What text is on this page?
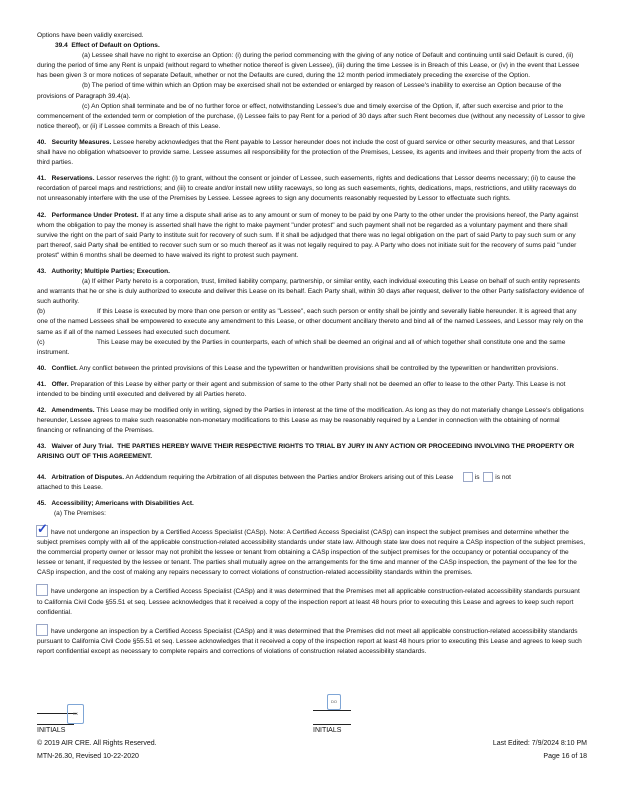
Options have been validly exercised.

39.4 Effect of Default on Options.

(a) Lessee shall have no right to exercise an Option: (i) during the period commencing with the giving of any notice of Default and continuing until said Default is cured, (ii) during the period of time any Rent is unpaid (without regard to whether notice thereof is given Lessee), (iii) during the time Lessee is in Breach of this Lease, or (iv) in the event that Lessee has been given 3 or more notices of separate Default, whether or not the Defaults are cured, during the 12 month period immediately preceding the exercise of the Option.

(b) The period of time within which an Option may be exercised shall not be extended or enlarged by reason of Lessee's inability to exercise an Option because of the provisions of Paragraph 39.4(a).

(c) An Option shall terminate and be of no further force or effect, notwithstanding Lessee's due and timely exercise of the Option, if, after such exercise and prior to the commencement of the extended term or completion of the purchase, (i) Lessee fails to pay Rent for a period of 30 days after such Rent becomes due (without any necessity of Lessor to give notice thereof), or (ii) if Lessee commits a Breach of this Lease.

40. Security Measures. Lessee hereby acknowledges that the Rent payable to Lessor hereunder does not include the cost of guard service or other security measures, and that Lessor shall have no obligation whatsoever to provide same. Lessee assumes all responsibility for the protection of the Premises, Lessee, its agents and invitees and their property from the acts of third parties.

41. Reservations. Lessor reserves the right: (i) to grant, without the consent or joinder of Lessee, such easements, rights and dedications that Lessor deems necessary; (ii) to cause the recordation of parcel maps and restrictions; and (iii) to create and/or install new utility raceways, so long as such easements, rights, dedications, maps, restrictions, and utility raceways do not unreasonably interfere with the use of the Premises by Lessee. Lessee agrees to sign any documents reasonably requested by Lessor to effectuate such rights.

42. Performance Under Protest. If at any time a dispute shall arise as to any amount or sum of money to be paid by one Party to the other under the provisions hereof, the Party against whom the obligation to pay the money is asserted shall have the right to make payment "under protest" and such payment shall not be regarded as a voluntary payment and there shall survive the right on the part of said Party to institute suit for recovery of such sum. If it shall be adjudged that there was no legal obligation on the part of said Party to pay such sum or any part thereof, said Party shall be entitled to recover such sum or so much thereof as it was not legally required to pay. A Party who does not initiate suit for the recovery of sums paid "under protest" within 6 months shall be deemed to have waived its right to protest such payment.

43. Authority; Multiple Parties; Execution.

(a) If either Party hereto is a corporation, trust, limited liability company, partnership, or similar entity, each individual executing this Lease on behalf of such entity represents and warrants that he or she is duly authorized to execute and deliver this Lease on its behalf. Each Party shall, within 30 days after request, deliver to the other Party satisfactory evidence of such authority.

(b)	If this Lease is executed by more than one person or entity as "Lessee", each such person or entity shall be jointly and severally liable hereunder. It is agreed that any one of the named Lessees shall be empowered to execute any amendment to this Lease, or other document ancillary thereto and bind all of the named Lessees, and Lessor may rely on the same as if all of the named Lessees had executed such document.

(c)	This Lease may be executed by the Parties in counterparts, each of which shall be deemed an original and all of which together shall constitute one and the same instrument.

40. Conflict. Any conflict between the printed provisions of this Lease and the typewritten or handwritten provisions shall be controlled by the typewritten or handwritten provisions.

41. Offer. Preparation of this Lease by either party or their agent and submission of same to the other Party shall not be deemed an offer to lease to the other Party. This Lease is not intended to be binding until executed and delivered by all Parties hereto.

42. Amendments. This Lease may be modified only in writing, signed by the Parties in interest at the time of the modification. As long as they do not materially change Lessee's obligations hereunder, Lessee agrees to make such reasonable non-monetary modifications to this Lease as may be reasonably required by a Lender in connection with the obtaining of normal financing or refinancing of the Premises.

43. Waiver of Jury Trial. THE PARTIES HEREBY WAIVE THEIR RESPECTIVE RIGHTS TO TRIAL BY JURY IN ANY ACTION OR PROCEEDING INVOLVING THE PROPERTY OR ARISING OUT OF THIS AGREEMENT.

44. Arbitration of Disputes. An Addendum requiring the Arbitration of all disputes between the Parties and/or Brokers arising out of this Lease	is is not
attached to this Lease.

45. Accessibility; Americans with Disabilities Act.

(a) The Premises:

✓ have not undergone an inspection by a Certified Access Specialist (CASp). Note: A Certified Access Specialist (CASp) can inspect the subject premises and determine whether the subject premises comply with all of the applicable construction-related accessibility standards under state law. Although state law does not require a CASp inspection of the subject premises, the commercial property owner or lessor may not prohibit the lessee or tenant from obtaining a CASp inspection of the subject premises for the occupancy or potential occupancy of the lessee or tenant, if requested by the lessee or tenant. The parties shall mutually agree on the arrangements for the time and manner of the CASp inspection, the payment of the fee for the CASp inspection, and the cost of making any repairs necessary to correct violations of construction-related accessibility standards within the premises.

have undergone an inspection by a Certified Access Specialist (CASp) and it was determined that the Premises met all applicable construction-related accessibility standards pursuant to California Civil Code §55.51 et seq. Lessee acknowledges that it received a copy of the inspection report at least 48 hours prior to executing this Lease and agrees to keep such report confidential.

have undergone an inspection by a Certified Access Specialist (CASp) and it was determined that the Premises did not meet all applicable construction-related accessibility standards pursuant to California Civil Code §55.51 et seq. Lessee acknowledges that it received a copy of the inspection report at least 48 hours prior to executing this Lease and agrees to keep such report confidential except as necessary to complete repairs and corrections of violations of construction related accessibility standards.

KK
INITIALS
DO
INITIALS
© 2019 AIR CRE. All Rights Reserved.
MTN-26.30, Revised 10-22-2020
Last Edited: 7/9/2024 8:10 PM
Page 16 of 18
